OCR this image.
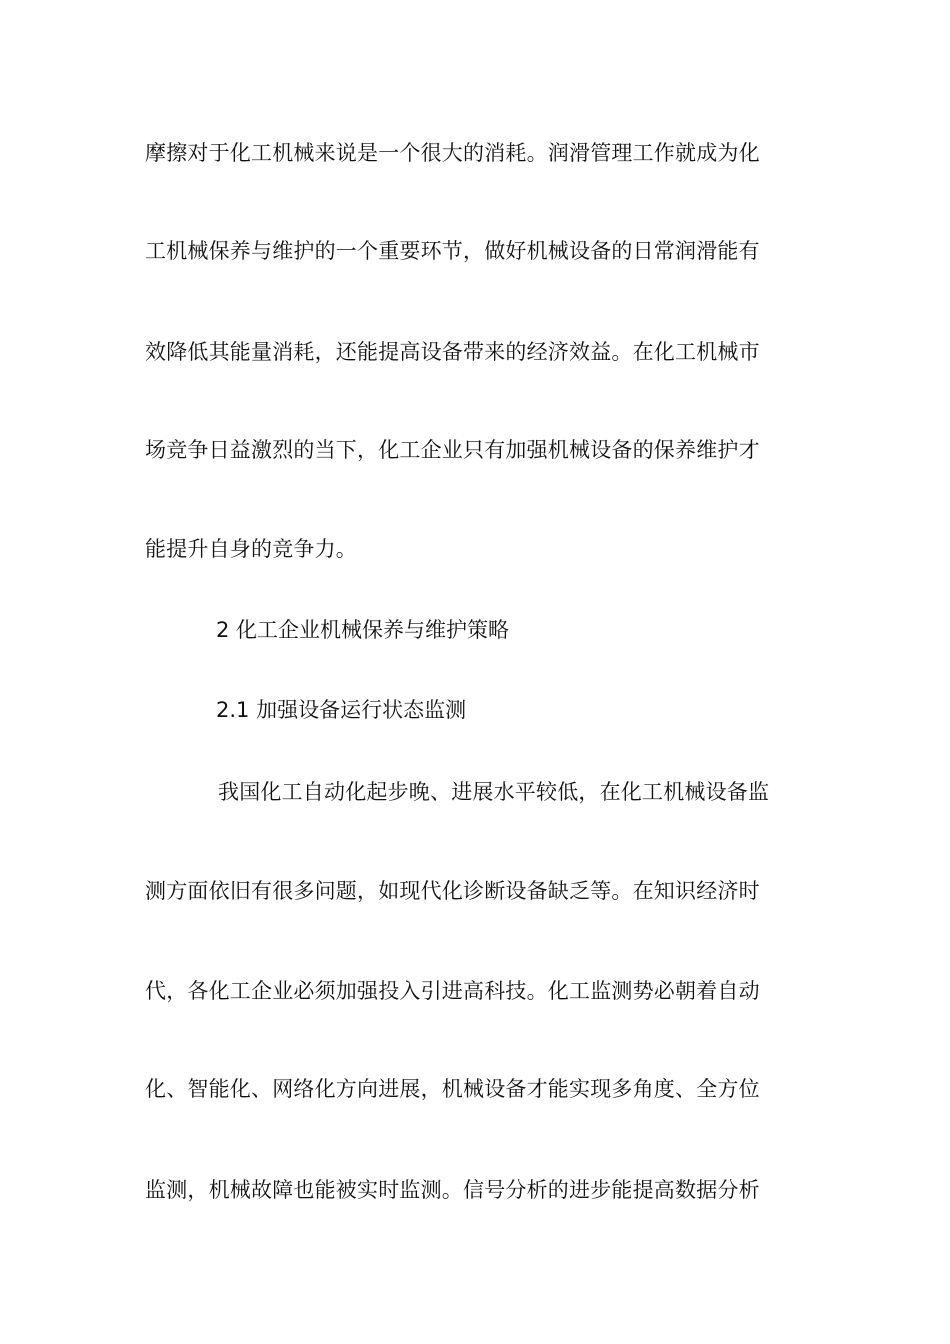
摩擦对于化工机械来说是一个很大的消耗。润滑管理工作就成为化
工机械保养与维护的一个重要环节，做好机械设备的日常润滑能有
效降低其能量消耗，还能提高设备带来的经济效益。在化工机械市
场竞争日益激烈的当下，化工企业只有加强机械设备的保养维护才
能提升自身的竞争力。
2 化工企业机械保养与维护策略
2.1 加强设备运行状态监测
我国化工自动化起步晚、进展水平较低，在化工机械设备监
测方面依旧有很多问题，如现代化诊断设备缺乏等。在知识经济时
代，各化工企业必须加强投入引进高科技。化工监测势必朝着自动
化、智能化、网络化方向进展，机械设备才能实现多角度、全方位
监测，机械故障也能被实时监测。信号分析的进步能提高数据分析
